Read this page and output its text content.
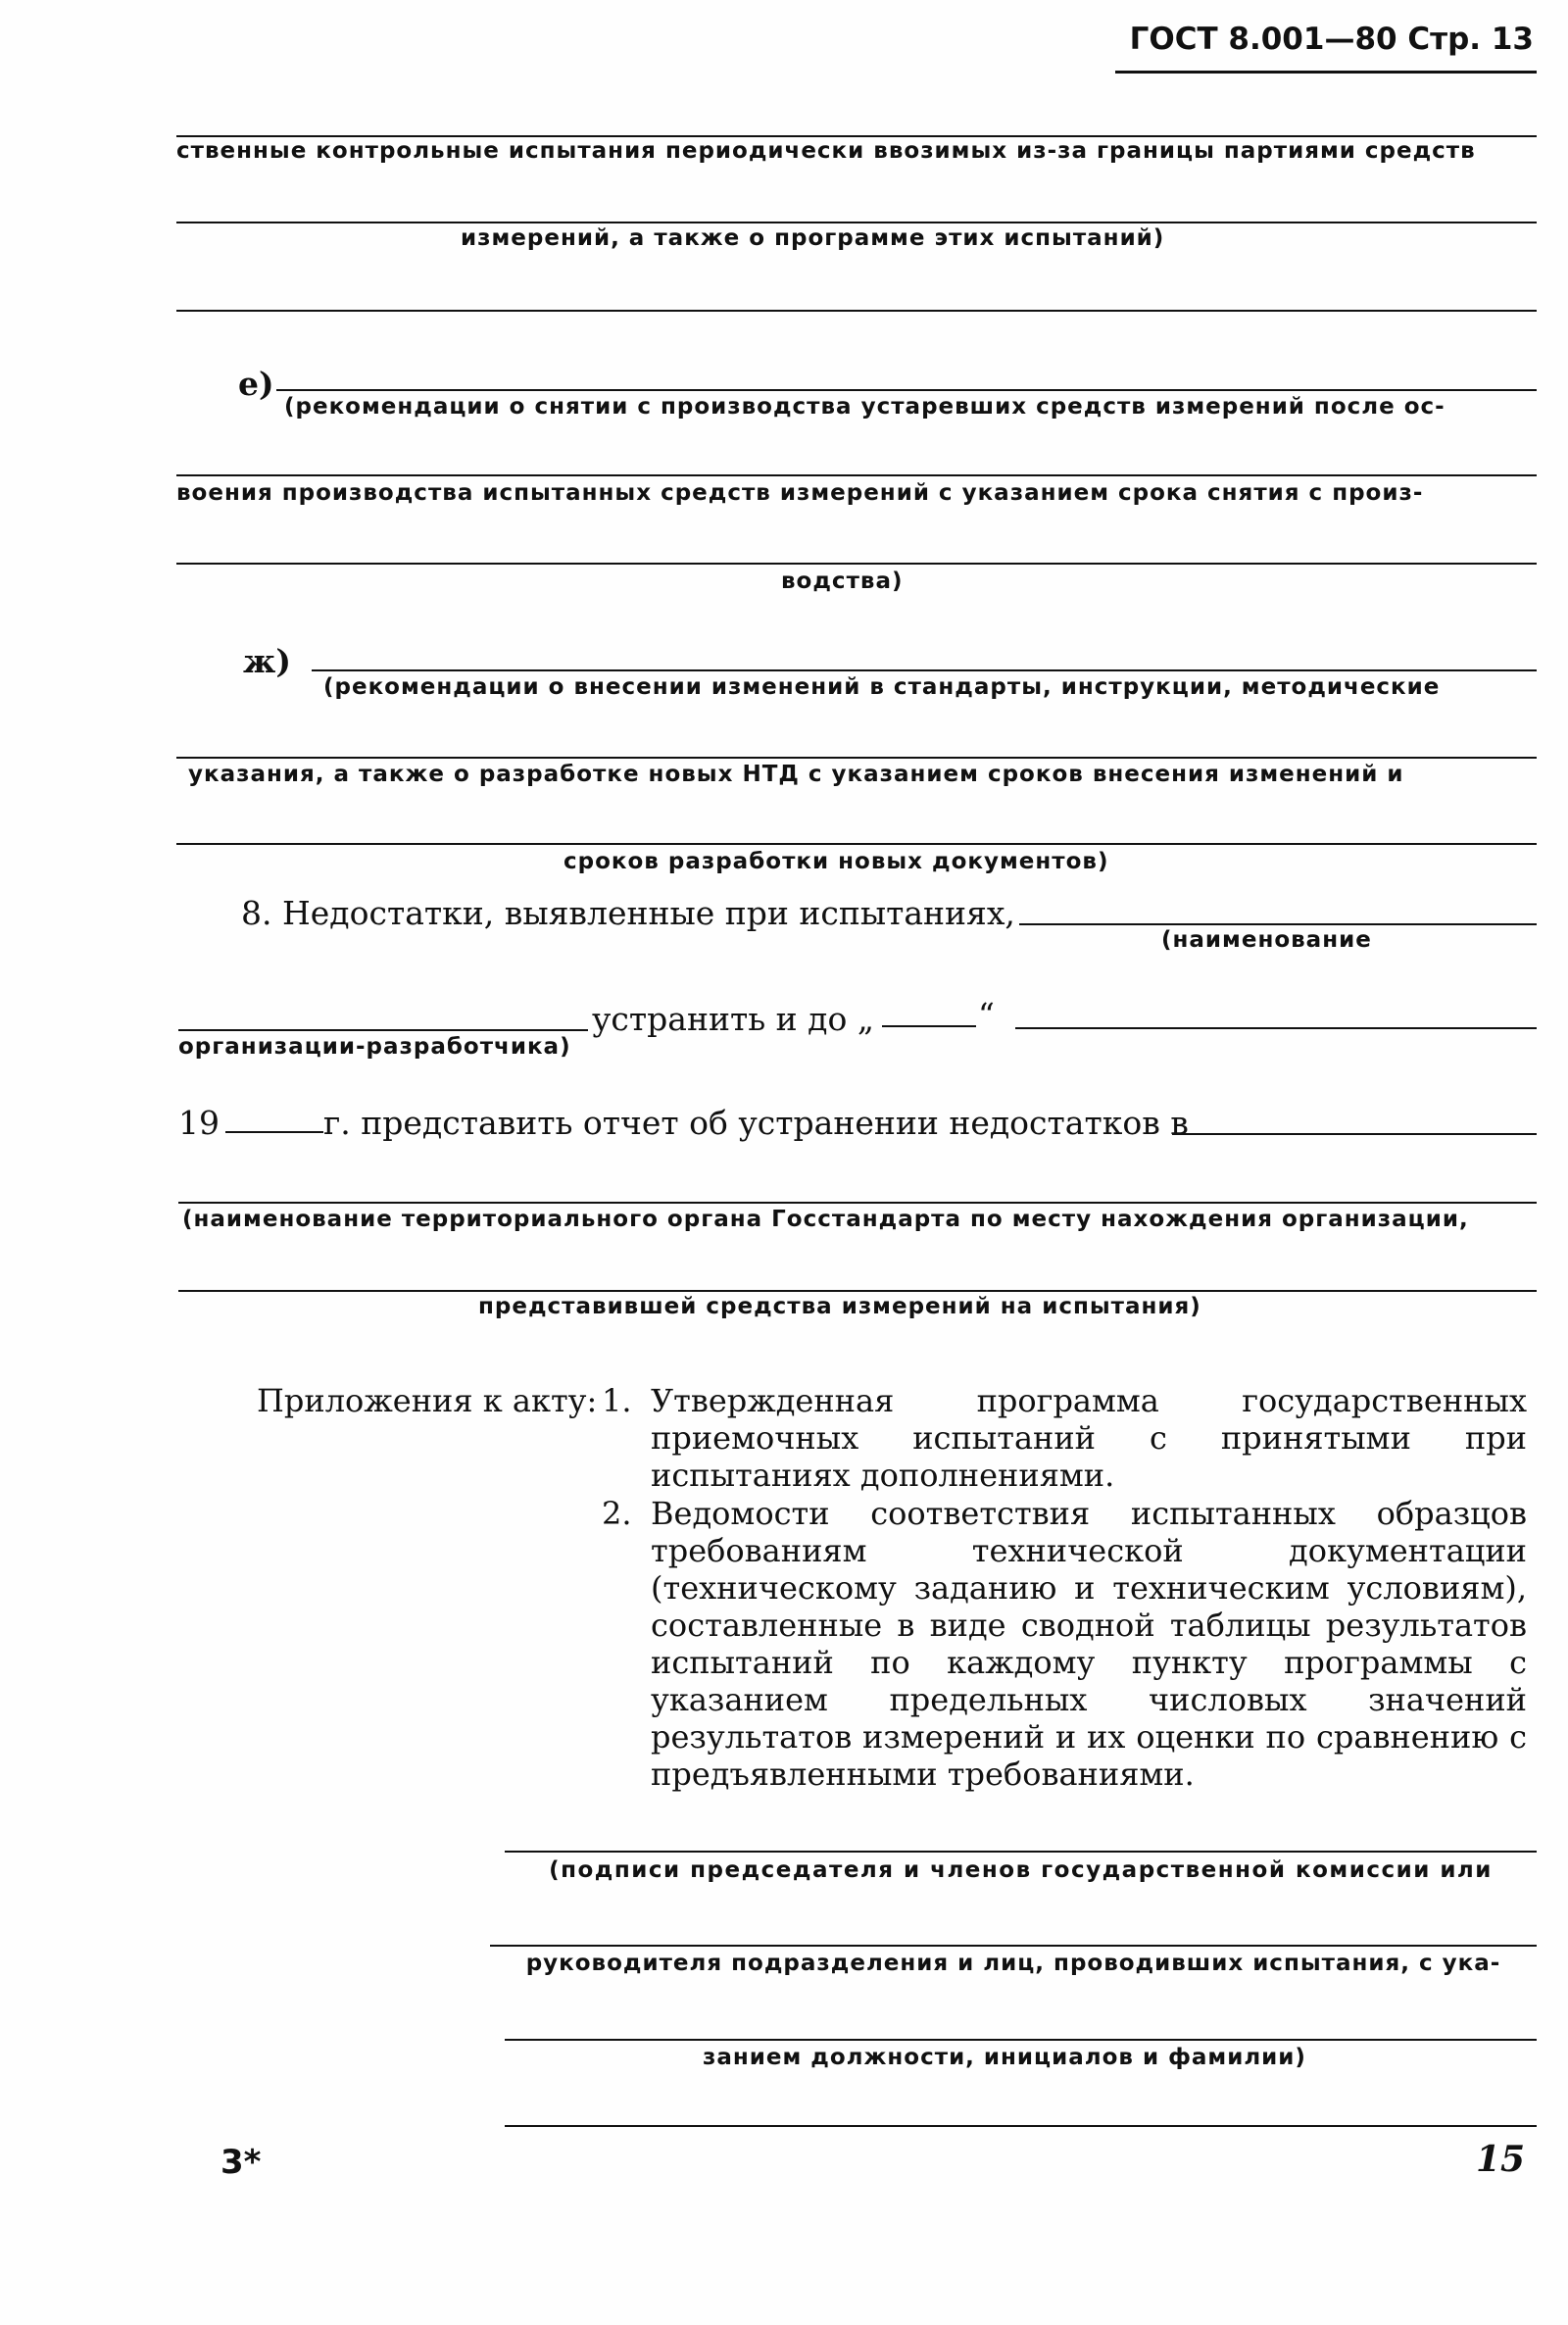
ГОСТ 8.001—80 Стр. 13
ственные контрольные испытания периодически ввозимых из-за границы партиями средств
измерений, а также о программе этих испытаний)
е)
(рекомендации о снятии с производства устаревших средств измерений после ос-
воения производства испытанных средств измерений с указанием срока снятия с произ-
водства)
ж)
(рекомендации о внесении изменений в стандарты, инструкции, методические
указания, а также о разработке новых НТД с указанием сроков внесения изменений и
сроков разработки новых документов)
8. Недостатки, выявленные при испытаниях,
(наименование
организации-разработчика)
устранить и до „	“
19	г. представить отчет об устранении недостатков в
(наименование территориального органа Госстандарта по месту нахождения организации,
представившей средства измерений на испытания)
Приложения к акту: 1. Утвержденная программа государственных приемочных испытаний с принятыми при испытаниях дополнениями.
2. Ведомости соответствия испытанных образцов требованиям технической документации (техническому заданию и техническим условиям), составленные в виде сводной таблицы результатов испытаний по каждому пункту программы с указанием предельных числовых значений результатов измерений и их оценки по сравнению с предъявленными требованиями.
(подписи председателя и членов государственной комиссии или
руководителя подразделения и лиц, проводивших испытания, с ука-
занием должности, инициалов и фамилии)
3*	15
